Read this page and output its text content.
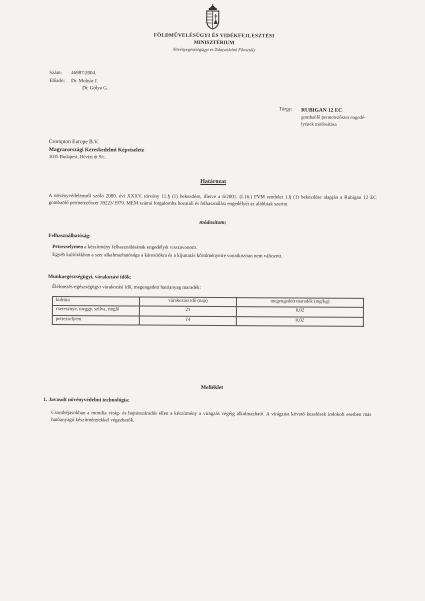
FÖLDMŰVELÉSÜGYI ÉS VIDÉKFEJLESZTÉSI
MINISZTÉRIUM
Növényegészségügyi és Talajvédelmi Főosztály
Szám: 46987/2004.
Előadó: Dr. Molnár J.
Dr. Gólya G.
Tárgy: RUBIGAN 12 EC
gombaölő permetezőszer engedé-
lyének módosítása
Crompton Europe B.V.
Magyarországi Kereskedelmi Képviselete
1035 Budapest, Hévízi út 9/c.
Határozat
A növényvédelemről szóló 2000. évi XXXV. törvény 11.§ (1) bekezdése, illetve a 6/2001. (I.16.) FVM rendelet 1.§ (1) bekezdése alapján a Rubigan 12 EC gombaölő permetezőszer 39223/1979. MEM számú forgalomba hozatali és felhasználási engedélyét az alábbiak szerint
módosítom:
Felhasználhatóság:
Petrezselymen a készítmény felhasználásának engedélyét visszavonom.
Egyéb kultúrákban a szer alkalmazhatósága a károsítókra és a kijuttatás körülményeire vonatkozóan nem változott.
Munkaegészségügyi, várakozási idők:
Élelmezés-egészségügyi várakozási idő, megengedett hatóanyag maradék:
kultúra	várakozási idő (nap)	megengedett maradék (mg/kg)
cseresznye, meggy, szilva, ringló	21	0,02
petrezselyem	14	0,02
Melléklet
1. Javasolt növényvédelmi technológia:
Csonthéjasokban a monília virág- és hajtásszáradás ellen a készítmény a virágzás végéig alkalmazható. A virágzást követő kezelések indokolt esetben más hatóanyagú készítményekkel végezhetők.
